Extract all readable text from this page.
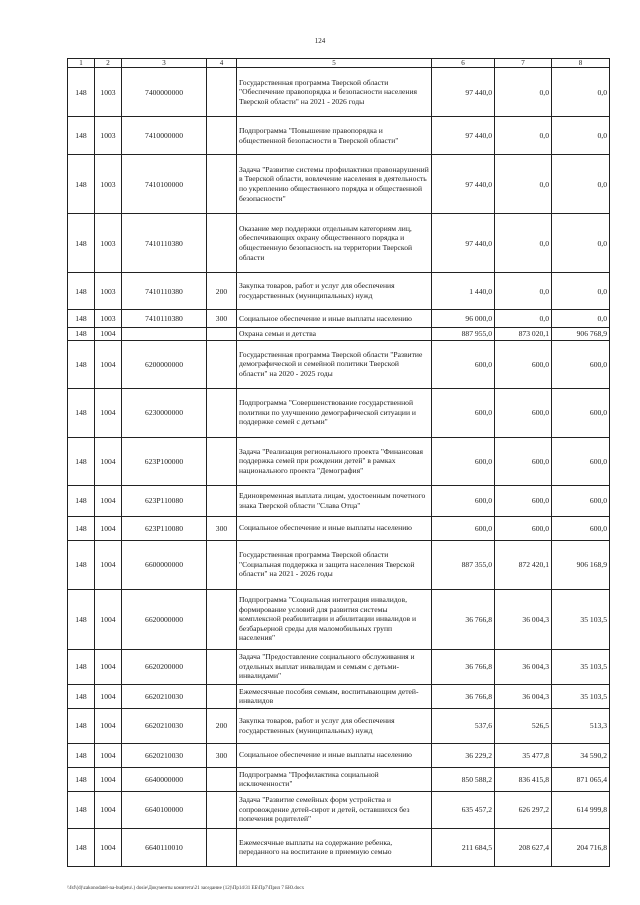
124
1	2	3	4	5	6	7	8
148	1003	7400000000		Государственная программа Тверской области "Обеспечение правопорядка и безопасности населения Тверской области" на 2021 - 2026 годы	97 440,0	0,0	0,0
148	1003	7410000000		Подпрограмма "Повышение правопорядка и общественной безопасности в Тверской области"	97 440,0	0,0	0,0
148	1003	7410100000		Задача "Развитие системы профилактики правонарушений в Тверской области, вовлечение населения в деятельность по укреплению общественного порядка и общественной безопасности"	97 440,0	0,0	0,0
148	1003	7410110380		Оказание мер поддержки отдельным категориям лиц, обеспечивающих охрану общественного порядка и общественную безопасность на территории Тверской области	97 440,0	0,0	0,0
148	1003	7410110380	200	Закупка товаров, работ и услуг для обеспечения государственных (муниципальных) нужд	1 440,0	0,0	0,0
148	1003	7410110380	300	Социальное обеспечение и иные выплаты населению	96 000,0	0,0	0,0
148	1004			Охрана семьи и детства	887 955,0	873 020,1	906 768,9
148	1004	6200000000		Государственная программа Тверской области "Развитие демографической и семейной политики Тверской области" на 2020 - 2025 годы	600,0	600,0	600,0
148	1004	6230000000		Подпрограмма "Совершенствование государственной политики по улучшению демографической ситуации и поддержке семей с детьми"	600,0	600,0	600,0
148	1004	623P100000		Задача "Реализация регионального проекта "Финансовая поддержка семей при рождении детей" в рамках национального проекта "Демография"	600,0	600,0	600,0
148	1004	623P110080		Единовременная выплата лицам, удостоенным почетного знака Тверской области "Слава Отца"	600,0	600,0	600,0
148	1004	623P110080	300	Социальное обеспечение и иные выплаты населению	600,0	600,0	600,0
148	1004	6600000000		Государственная программа Тверской области "Социальная поддержка и защита населения Тверской области" на 2021 - 2026 годы	887 355,0	872 420,1	906 168,9
148	1004	6620000000		Подпрограмма "Социальная интеграция инвалидов, формирование условий для развития системы комплексной реабилитации и абилитации инвалидов и безбарьерной среды для маломобильных групп населения"	36 766,8	36 004,3	35 103,5
148	1004	6620200000		Задача "Предоставление социального обслуживания и отдельных выплат инвалидам и семьям с детьми-инвалидами"	36 766,8	36 004,3	35 103,5
148	1004	6620210030		Ежемесячные пособия семьям, воспитывающим детей-инвалидов	36 766,8	36 004,3	35 103,5
148	1004	6620210030	200	Закупка товаров, работ и услуг для обеспечения государственных (муниципальных) нужд	537,6	526,5	513,3
148	1004	6620210030	300	Социальное обеспечение и иные выплаты населению	36 229,2	35 477,8	34 590,2
148	1004	6640000000		Подпрограмма "Профилактика социальной исключенности"	850 588,2	836 415,8	871 065,4
148	1004	6640100000		Задача "Развитие семейных форм устройства и сопровождение детей-сирот и детей, оставшихся без попечения родителей"	635 457,2	626 297,2	614 999,8
148	1004	6640110010		Ежемесячные выплаты на содержание ребенка, переданного на воспитание в приемную семью	211 684,5	208 627,4	204 716,8
\\fsf\(d)\zakonodatel-na-budjetu\.) dosie\Документы комитета\21 заседание (12)\Пр14\31 ЕБ\Пр7\Прил 7 БЮ.docx
